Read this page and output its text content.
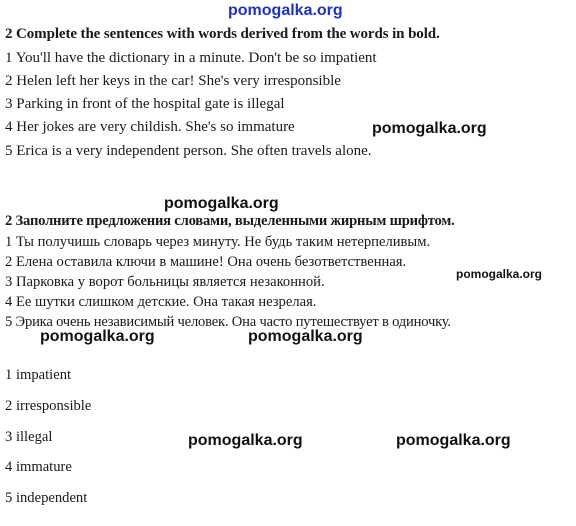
pomogalka.org
2 Complete the sentences with words derived from the words in bold.
1 You'll have the dictionary in a minute. Don't be so impatient
2 Helen left her keys in the car! She's very irresponsible
3 Parking in front of the hospital gate is illegal
4 Her jokes are very childish. She's so immature
5 Erica is a very independent person. She often travels alone.
pomogalka.org
pomogalka.org
2 Заполните предложения словами, выделенными жирным шрифтом.
1 Ты получишь словарь через минуту. Не будь таким нетерпеливым.
2 Елена оставила ключи в машине! Она очень безответственная.
3 Парковка у ворот больницы является незаконной.
4 Ее шутки слишком детские. Она такая незрелая.
5 Эрика очень независимый человек. Она часто путешествует в одиночку.
pomogalka.org
pomogalka.org	pomogalka.org
1 impatient
2 irresponsible
3 illegal
4 immature
5 independent
pomogalka.org	pomogalka.org
